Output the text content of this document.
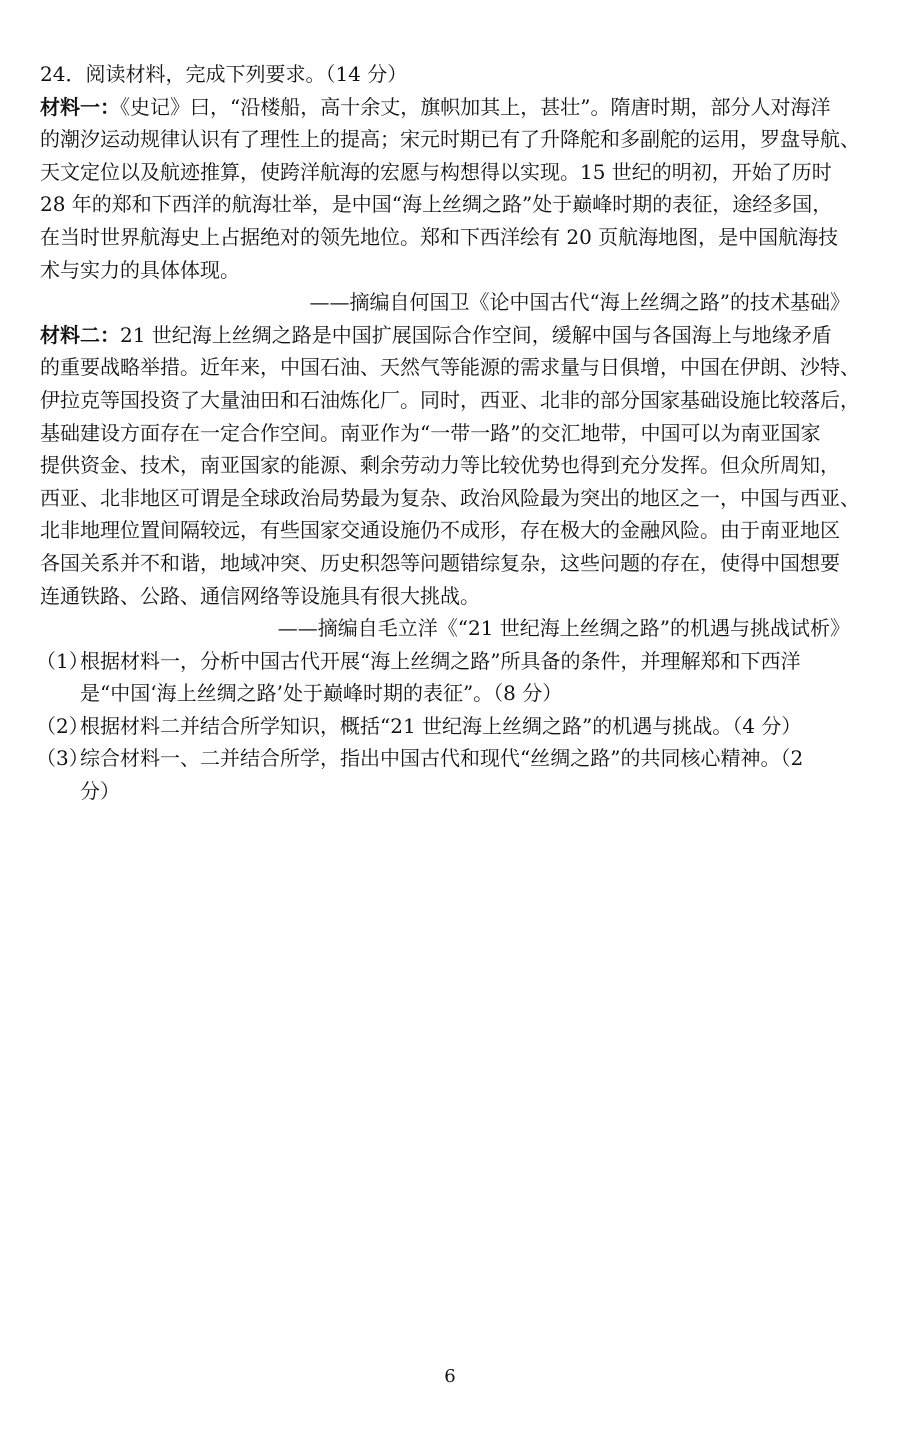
24．阅读材料，完成下列要求。（14 分）
材料一：《史记》曰，“沿楼船，高十余丈，旗帜加其上，甚壮”。隋唐时期，部分人对海洋
的潮汐运动规律认识有了理性上的提高；宋元时期已有了升降舵和多副舵的运用，罗盘导航、
天文定位以及航迹推算，使跨洋航海的宏愿与构想得以实现。15 世纪的明初，开始了历时
28 年的郑和下西洋的航海壮举，是中国“海上丝绸之路”处于巅峰时期的表征，途经多国，
在当时世界航海史上占据绝对的领先地位。郑和下西洋绘有 20 页航海地图，是中国航海技
术与实力的具体体现。
——摘编自何国卫《论中国古代“海上丝绸之路”的技术基础》
材料二：21 世纪海上丝绸之路是中国扩展国际合作空间，缓解中国与各国海上与地缘矛盾
的重要战略举措。近年来，中国石油、天然气等能源的需求量与日俱增，中国在伊朗、沙特、
伊拉克等国投资了大量油田和石油炼化厂。同时，西亚、北非的部分国家基础设施比较落后，
基础建设方面存在一定合作空间。南亚作为“一带一路”的交汇地带，中国可以为南亚国家
提供资金、技术，南亚国家的能源、剩余劳动力等比较优势也得到充分发挥。但众所周知，
西亚、北非地区可谓是全球政治局势最为复杂、政治风险最为突出的地区之一，中国与西亚、
北非地理位置间隔较远，有些国家交通设施仍不成形，存在极大的金融风险。由于南亚地区
各国关系并不和谐，地域冲突、历史积怨等问题错综复杂，这些问题的存在，使得中国想要
连通铁路、公路、通信网络等设施具有很大挑战。
——摘编自毛立洋《“21 世纪海上丝绸之路”的机遇与挑战试析》
（1）
根据材料一，分析中国古代开展“海上丝绸之路”所具备的条件，并理解郑和下西洋
是“中国‘海上丝绸之路’处于巅峰时期的表征”。（8 分）
（2）
根据材料二并结合所学知识，概括“21 世纪海上丝绸之路”的机遇与挑战。（4 分）
（3）
综合材料一、二并结合所学，指出中国古代和现代“丝绸之路”的共同核心精神。（2
分）
6
